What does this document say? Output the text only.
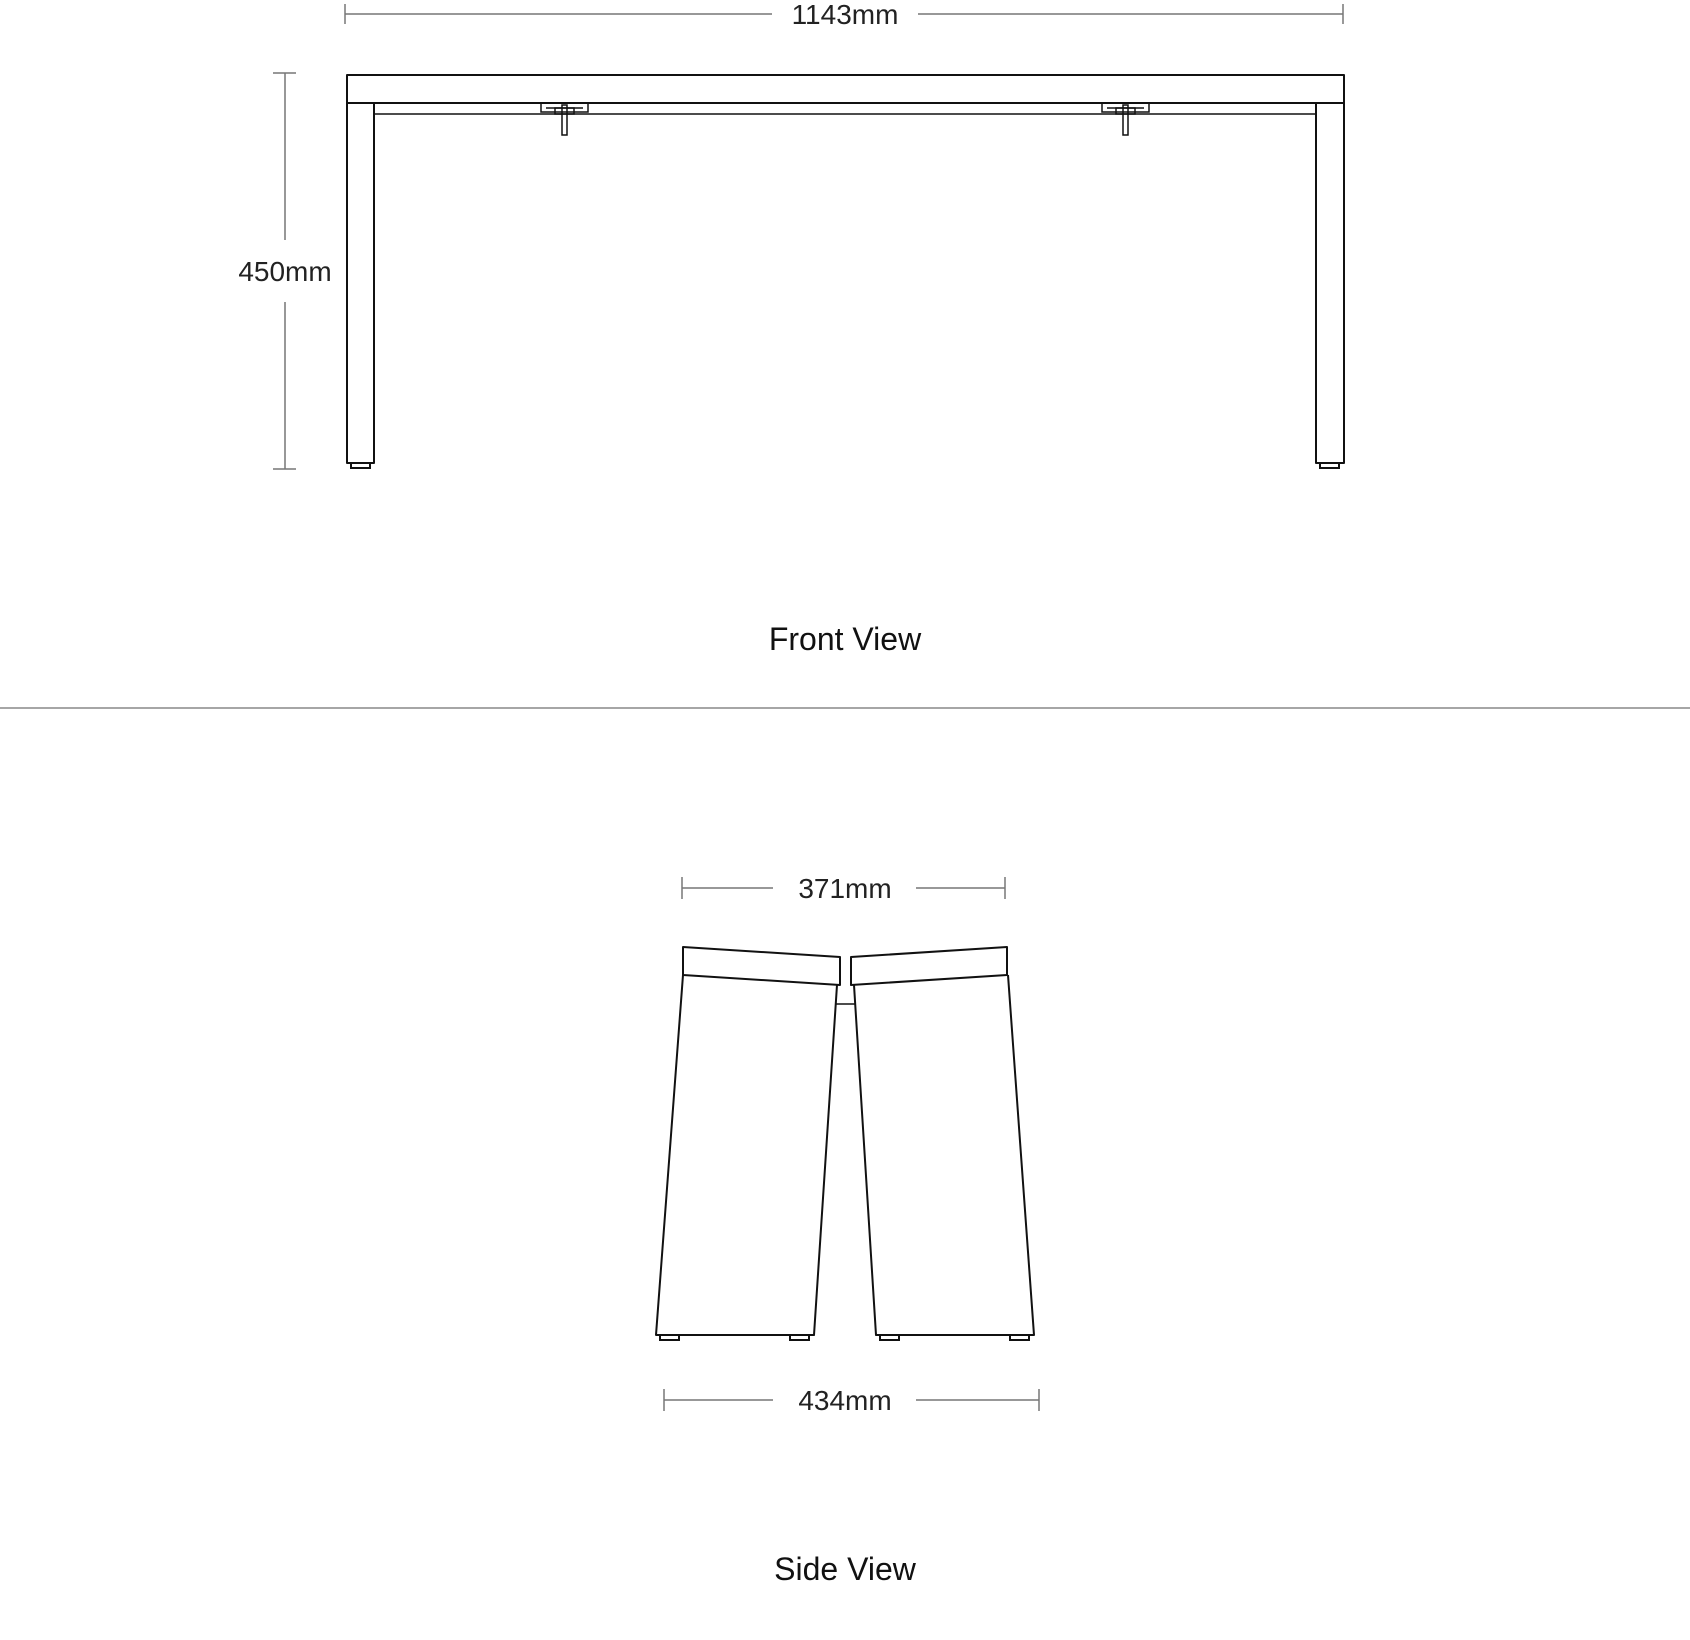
1143mm
450mm
Front View
371mm
434mm
Side View
